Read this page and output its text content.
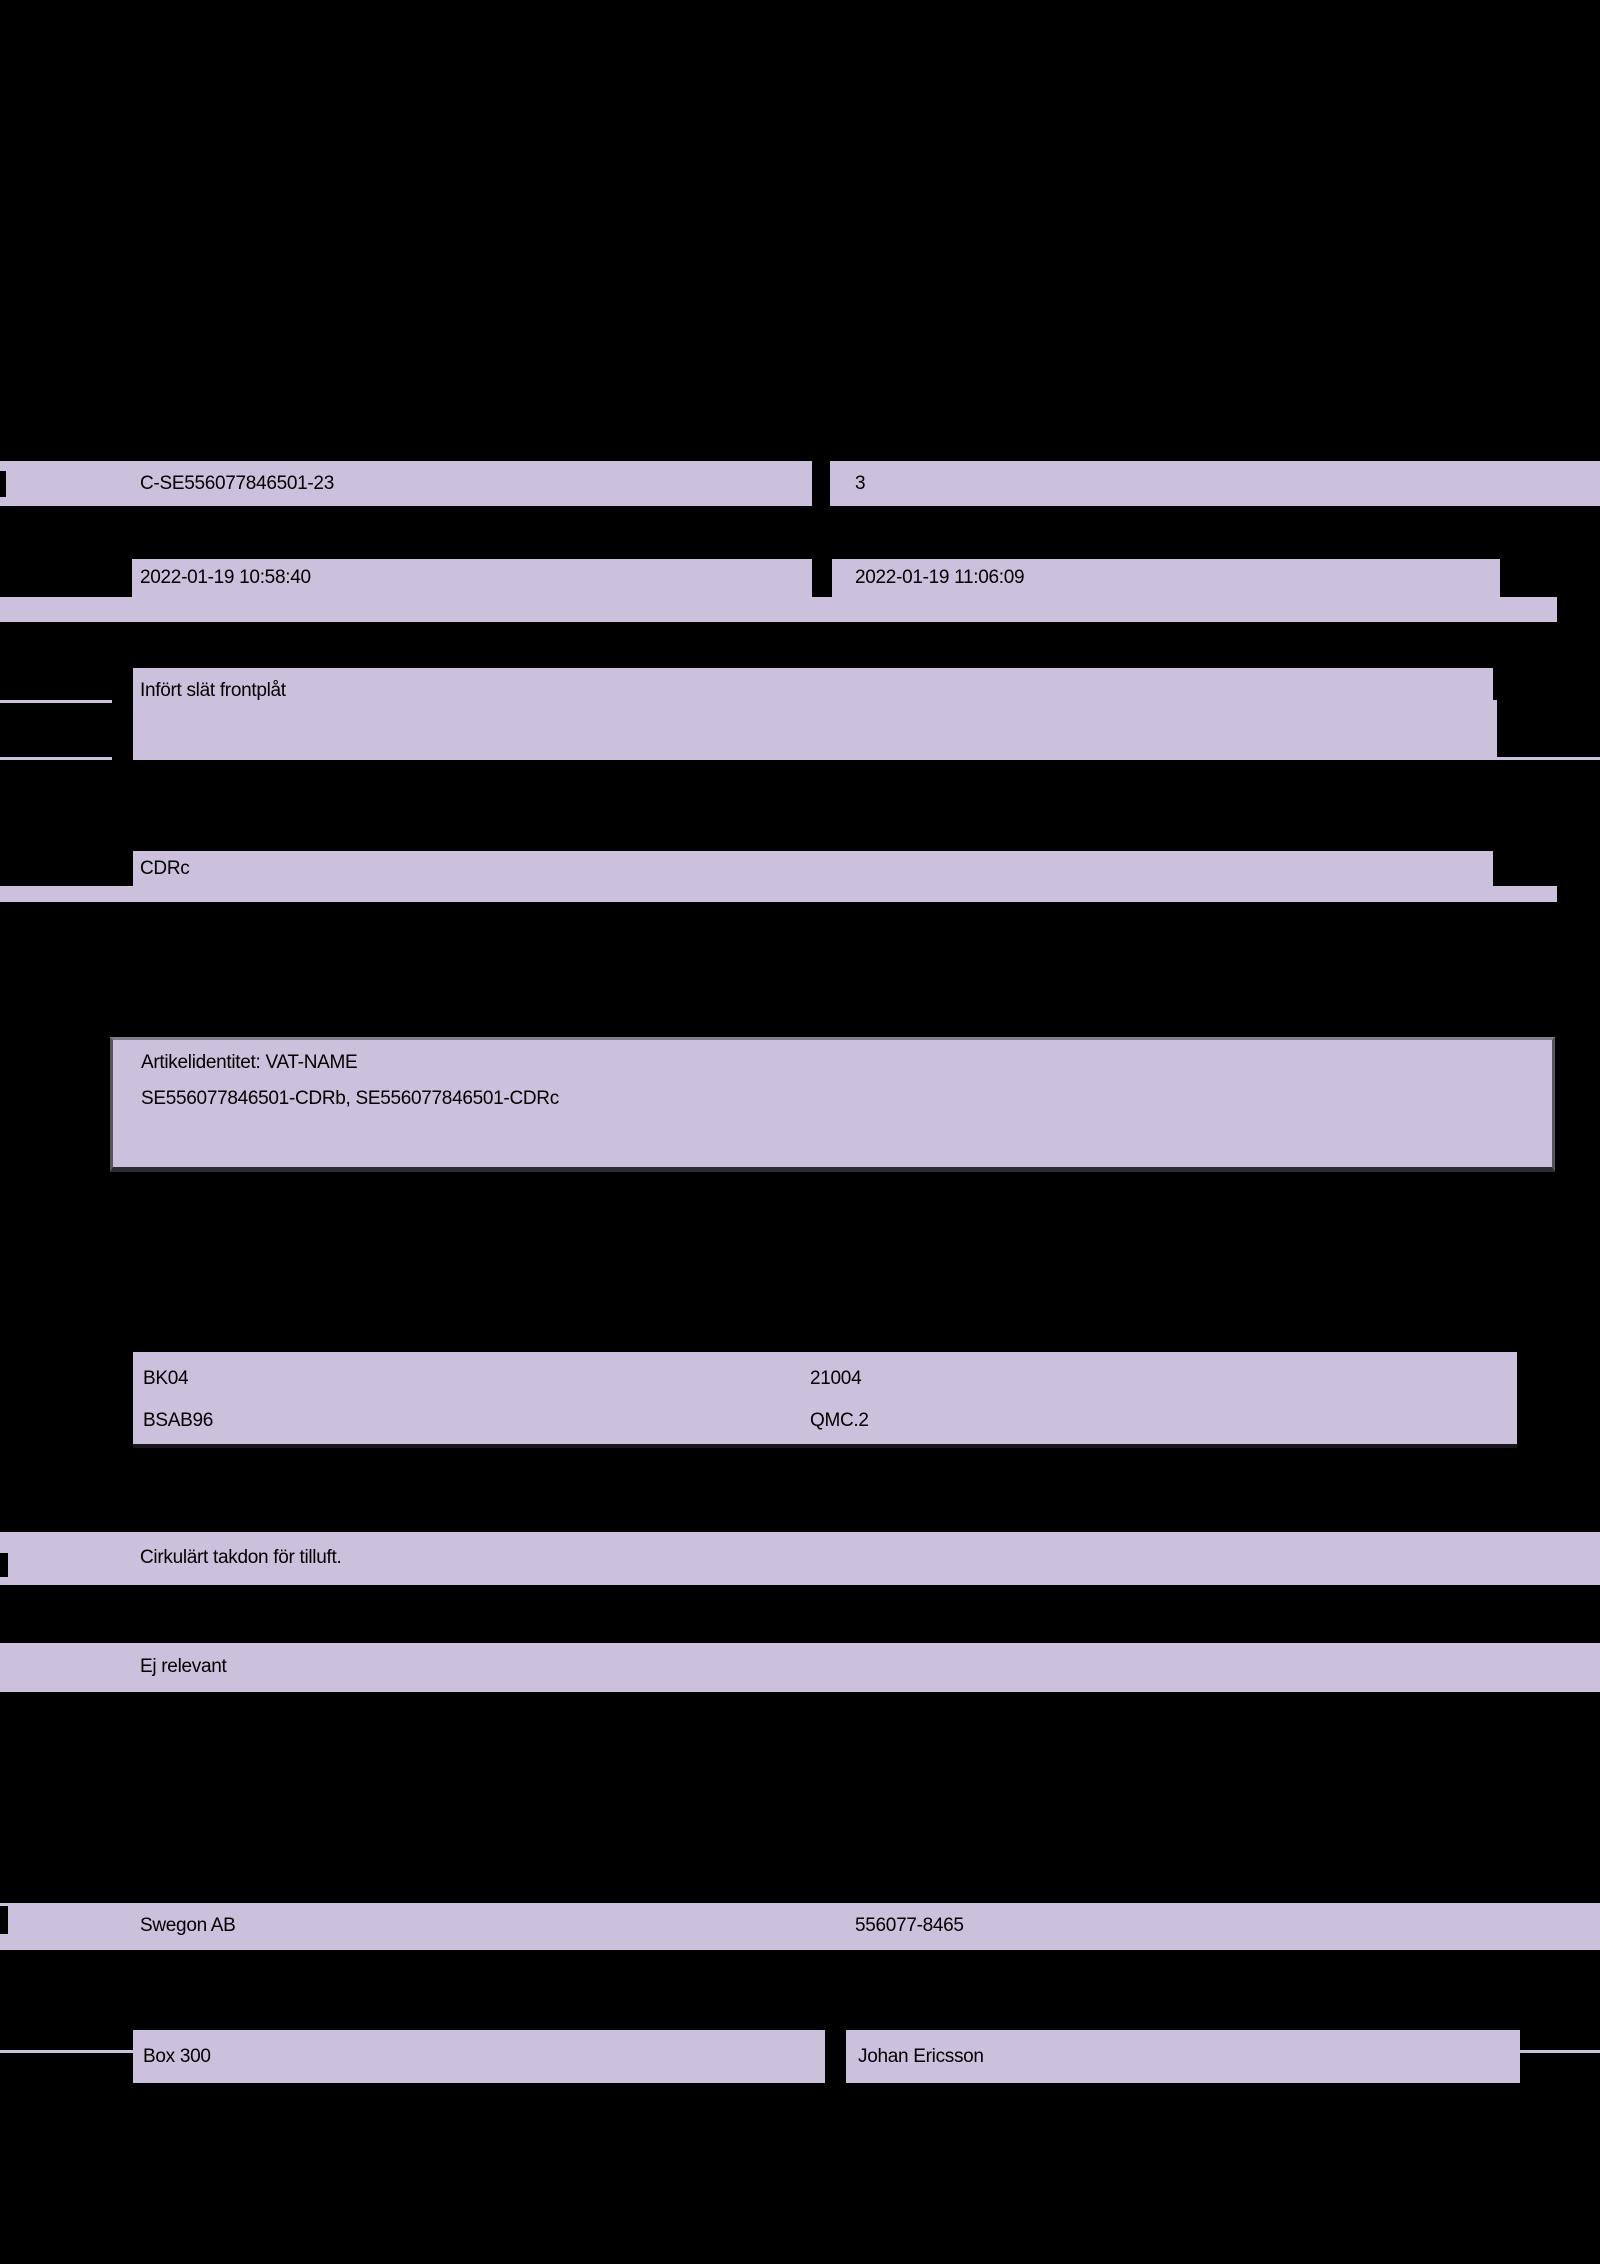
C-SE556077846501-23	3
2022-01-19 10:58:40	2022-01-19 11:06:09
Infört slät frontplåt
CDRc

Artikelidentitet: VAT-NAME

SE556077846501-CDRb, SE556077846501-CDRc

BK04	21004
BSAB96	QMC.2
Cirkulärt takdon för tilluft.
Ej relevant
Swegon AB	556077-8465
Box 300	Johan Ericsson
